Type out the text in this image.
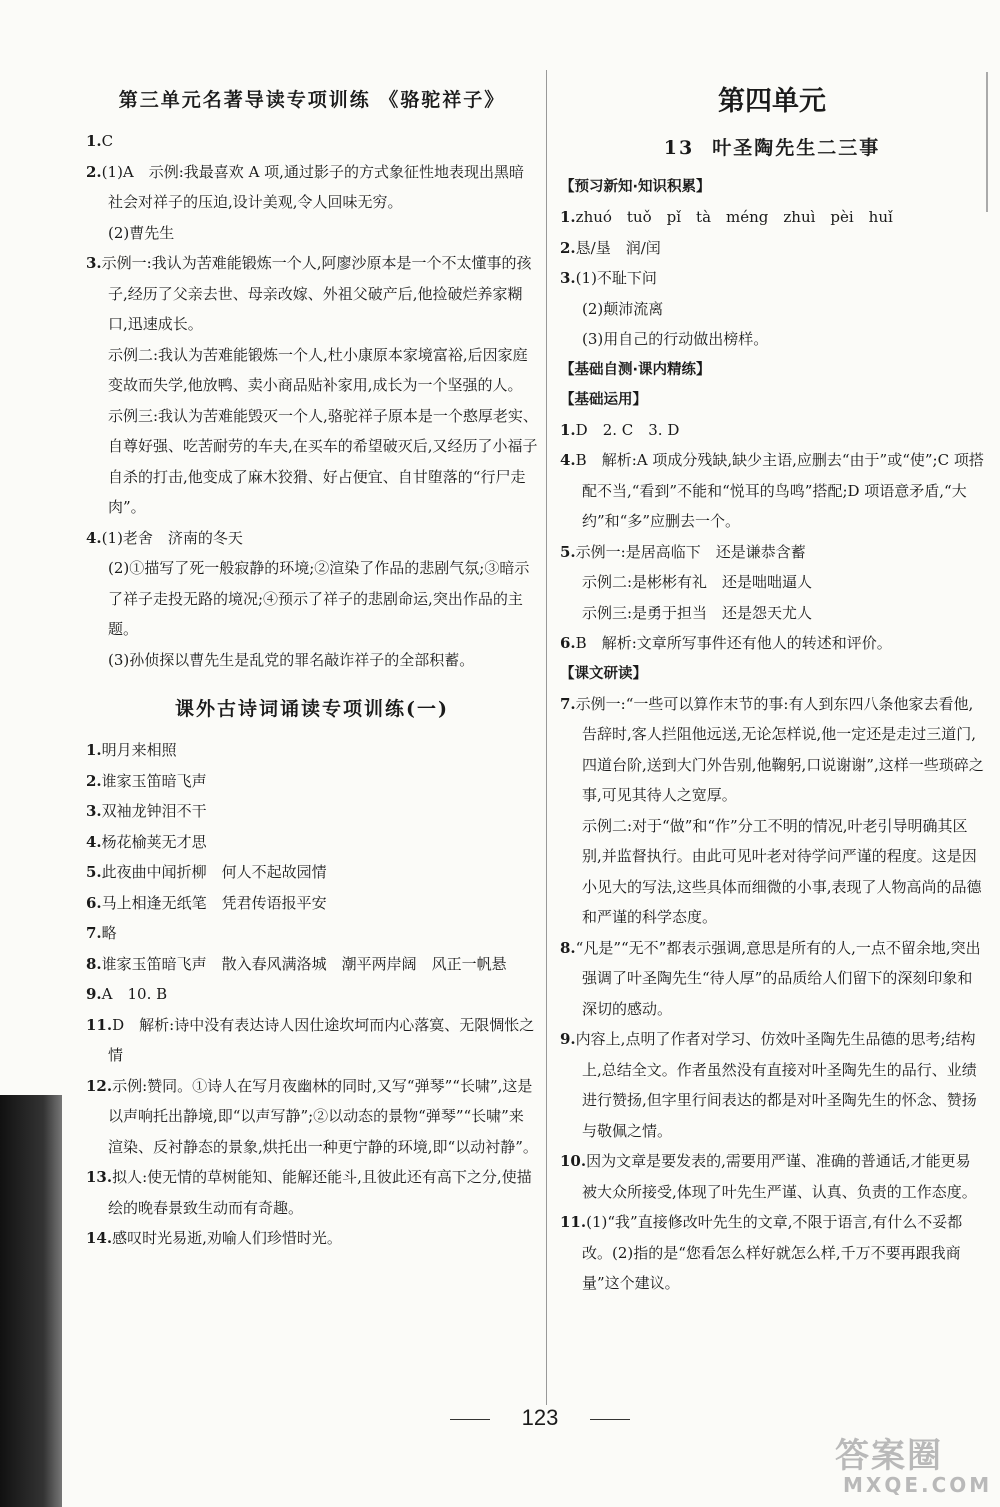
第三单元名著导读专项训练 《骆驼祥子》
1.C
2.(1)A　示例:我最喜欢 A 项,通过影子的方式象征性地表现出黑暗社会对祥子的压迫,设计美观,令人回味无穷。
(2)曹先生
3.示例一:我认为苦难能锻炼一个人,阿廖沙原本是一个不太懂事的孩子,经历了父亲去世、母亲改嫁、外祖父破产后,他捡破烂养家糊口,迅速成长。
示例二:我认为苦难能锻炼一个人,杜小康原本家境富裕,后因家庭变故而失学,他放鸭、卖小商品贴补家用,成长为一个坚强的人。
示例三:我认为苦难能毁灭一个人,骆驼祥子原本是一个憨厚老实、自尊好强、吃苦耐劳的车夫,在买车的希望破灭后,又经历了小福子自杀的打击,他变成了麻木狡猾、好占便宜、自甘堕落的“行尸走肉”。
4.(1)老舍　济南的冬天
(2)①描写了死一般寂静的环境;②渲染了作品的悲剧气氛;③暗示了祥子走投无路的境况;④预示了祥子的悲剧命运,突出作品的主题。
(3)孙侦探以曹先生是乱党的罪名敲诈祥子的全部积蓄。
课外古诗词诵读专项训练(一)
1.明月来相照
2.谁家玉笛暗飞声
3.双袖龙钟泪不干
4.杨花榆荚无才思
5.此夜曲中闻折柳　何人不起故园情
6.马上相逢无纸笔　凭君传语报平安
7.略
8.谁家玉笛暗飞声　散入春风满洛城　潮平两岸阔　风正一帆悬
9.A　10. B
11.D　解析:诗中没有表达诗人因仕途坎坷而内心落寞、无限惆怅之情
12.示例:赞同。①诗人在写月夜幽林的同时,又写“弹琴”“长啸”,这是以声响托出静境,即“以声写静”;②以动态的景物“弹琴”“长啸”来渲染、反衬静态的景象,烘托出一种更宁静的环境,即“以动衬静”。
13.拟人:使无情的草树能知、能解还能斗,且彼此还有高下之分,使描绘的晚春景致生动而有奇趣。
14.感叹时光易逝,劝喻人们珍惜时光。
第四单元
13 叶圣陶先生二三事
【预习新知·知识积累】
1.zhuó　tuǒ　pǐ　tà　méng　zhuì　pèi　huǐ
2.恳/垦　润/闰
3.(1)不耻下问
(2)颠沛流离
(3)用自己的行动做出榜样。
【基础自测·课内精练】
【基础运用】
1.D　2. C　3. D
4.B　解析:A 项成分残缺,缺少主语,应删去“由于”或“使”;C 项搭配不当,“看到”不能和“悦耳的鸟鸣”搭配;D 项语意矛盾,“大约”和“多”应删去一个。
5.示例一:是居高临下　还是谦恭含蓄
示例二:是彬彬有礼　还是咄咄逼人
示例三:是勇于担当　还是怨天尤人
6.B　解析:文章所写事件还有他人的转述和评价。
【课文研读】
7.示例一:“一些可以算作末节的事:有人到东四八条他家去看他,告辞时,客人拦阻他远送,无论怎样说,他一定还是走过三道门,四道台阶,送到大门外告别,他鞠躬,口说谢谢”,这样一些琐碎之事,可见其待人之宽厚。
示例二:对于“做”和“作”分工不明的情况,叶老引导明确其区别,并监督执行。由此可见叶老对待学问严谨的程度。这是因小见大的写法,这些具体而细微的小事,表现了人物高尚的品德和严谨的科学态度。
8.“凡是”“无不”都表示强调,意思是所有的人,一点不留余地,突出强调了叶圣陶先生“待人厚”的品质给人们留下的深刻印象和深切的感动。
9.内容上,点明了作者对学习、仿效叶圣陶先生品德的思考;结构上,总结全文。作者虽然没有直接对叶圣陶先生的品行、业绩进行赞扬,但字里行间表达的都是对叶圣陶先生的怀念、赞扬与敬佩之情。
10.因为文章是要发表的,需要用严谨、准确的普通话,才能更易被大众所接受,体现了叶先生严谨、认真、负责的工作态度。
11.(1)“我”直接修改叶先生的文章,不限于语言,有什么不妥都改。(2)指的是“您看怎么样好就怎么样,千万不要再跟我商量”这个建议。
123
答案圈
MXQE.COM
